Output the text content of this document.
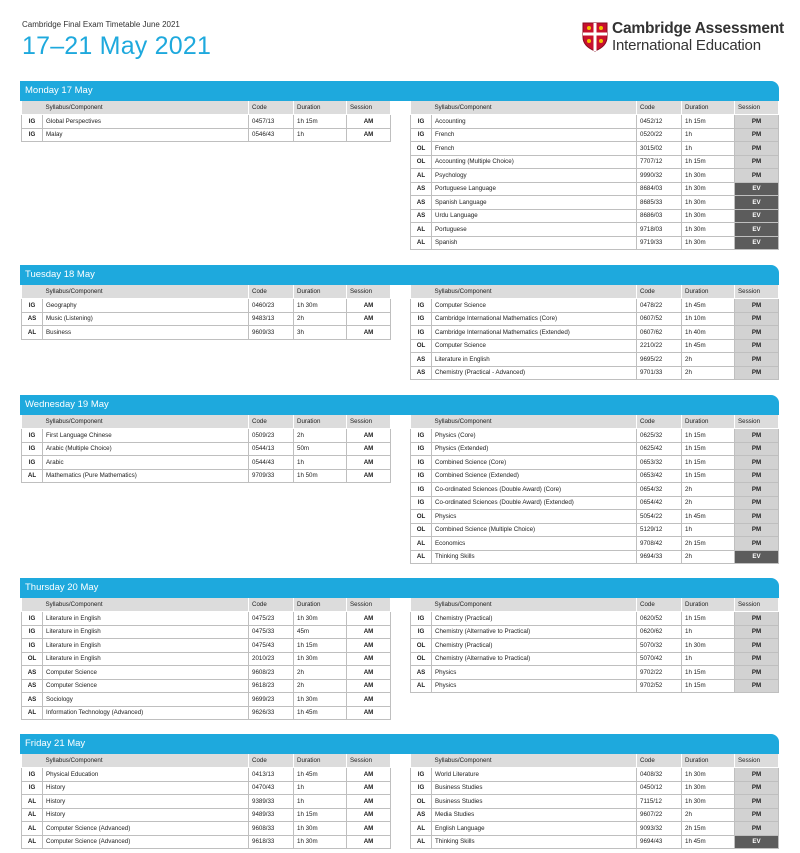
Cambridge Final Exam Timetable June 2021
17–21 May 2021
Cambridge Assessment
International Education
Monday 17 May
	Syllabus/Component	Code	Duration	Session
IG	Global Perspectives	0457/13	1h 15m	AM
IG	Malay	0546/43	1h	AM
	Syllabus/Component	Code	Duration	Session
IG	Accounting	0452/12	1h 15m	PM
IG	French	0520/22	1h	PM
OL	French	3015/02	1h	PM
OL	Accounting (Multiple Choice)	7707/12	1h 15m	PM
AL	Psychology	9990/32	1h 30m	PM
AS	Portuguese Language	8684/03	1h 30m	EV
AS	Spanish Language	8685/33	1h 30m	EV
AS	Urdu Language	8686/03	1h 30m	EV
AL	Portuguese	9718/03	1h 30m	EV
AL	Spanish	9719/33	1h 30m	EV
Tuesday 18 May
	Syllabus/Component	Code	Duration	Session
IG	Geography	0460/23	1h 30m	AM
AS	Music (Listening)	9483/13	2h	AM
AL	Business	9609/33	3h	AM
	Syllabus/Component	Code	Duration	Session
IG	Computer Science	0478/22	1h 45m	PM
IG	Cambridge International Mathematics (Core)	0607/52	1h 10m	PM
IG	Cambridge International Mathematics (Extended)	0607/62	1h 40m	PM
OL	Computer Science	2210/22	1h 45m	PM
AS	Literature in English	9695/22	2h	PM
AS	Chemistry (Practical - Advanced)	9701/33	2h	PM
Wednesday 19 May
	Syllabus/Component	Code	Duration	Session
IG	First Language Chinese	0509/23	2h	AM
IG	Arabic (Multiple Choice)	0544/13	50m	AM
IG	Arabic	0544/43	1h	AM
AL	Mathematics (Pure Mathematics)	9709/33	1h 50m	AM
	Syllabus/Component	Code	Duration	Session
IG	Physics (Core)	0625/32	1h 15m	PM
IG	Physics (Extended)	0625/42	1h 15m	PM
IG	Combined Science (Core)	0653/32	1h 15m	PM
IG	Combined Science (Extended)	0653/42	1h 15m	PM
IG	Co-ordinated Sciences (Double Award) (Core)	0654/32	2h	PM
IG	Co-ordinated Sciences (Double Award) (Extended)	0654/42	2h	PM
OL	Physics	5054/22	1h 45m	PM
OL	Combined Science (Multiple Choice)	5129/12	1h	PM
AL	Economics	9708/42	2h 15m	PM
AL	Thinking Skills	9694/33	2h	EV
Thursday 20 May
	Syllabus/Component	Code	Duration	Session
IG	Literature in English	0475/23	1h 30m	AM
IG	Literature in English	0475/33	45m	AM
IG	Literature in English	0475/43	1h 15m	AM
OL	Literature in English	2010/23	1h 30m	AM
AS	Computer Science	9608/23	2h	AM
AS	Computer Science	9618/23	2h	AM
AS	Sociology	9699/23	1h 30m	AM
AL	Information Technology (Advanced)	9626/33	1h 45m	AM
	Syllabus/Component	Code	Duration	Session
IG	Chemistry (Practical)	0620/52	1h 15m	PM
IG	Chemistry (Alternative to Practical)	0620/62	1h	PM
OL	Chemistry (Practical)	5070/32	1h 30m	PM
OL	Chemistry (Alternative to Practical)	5070/42	1h	PM
AS	Physics	9702/22	1h 15m	PM
AL	Physics	9702/52	1h 15m	PM
Friday 21 May
	Syllabus/Component	Code	Duration	Session
IG	Physical Education	0413/13	1h 45m	AM
IG	History	0470/43	1h	AM
AL	History	9389/33	1h	AM
AL	History	9489/33	1h 15m	AM
AL	Computer Science (Advanced)	9608/33	1h 30m	AM
AL	Computer Science (Advanced)	9618/33	1h 30m	AM
	Syllabus/Component	Code	Duration	Session
IG	World Literature	0408/32	1h 30m	PM
IG	Business Studies	0450/12	1h 30m	PM
OL	Business Studies	7115/12	1h 30m	PM
AS	Media Studies	9607/22	2h	PM
AL	English Language	9093/32	2h 15m	PM
AL	Thinking Skills	9694/43	1h 45m	EV
